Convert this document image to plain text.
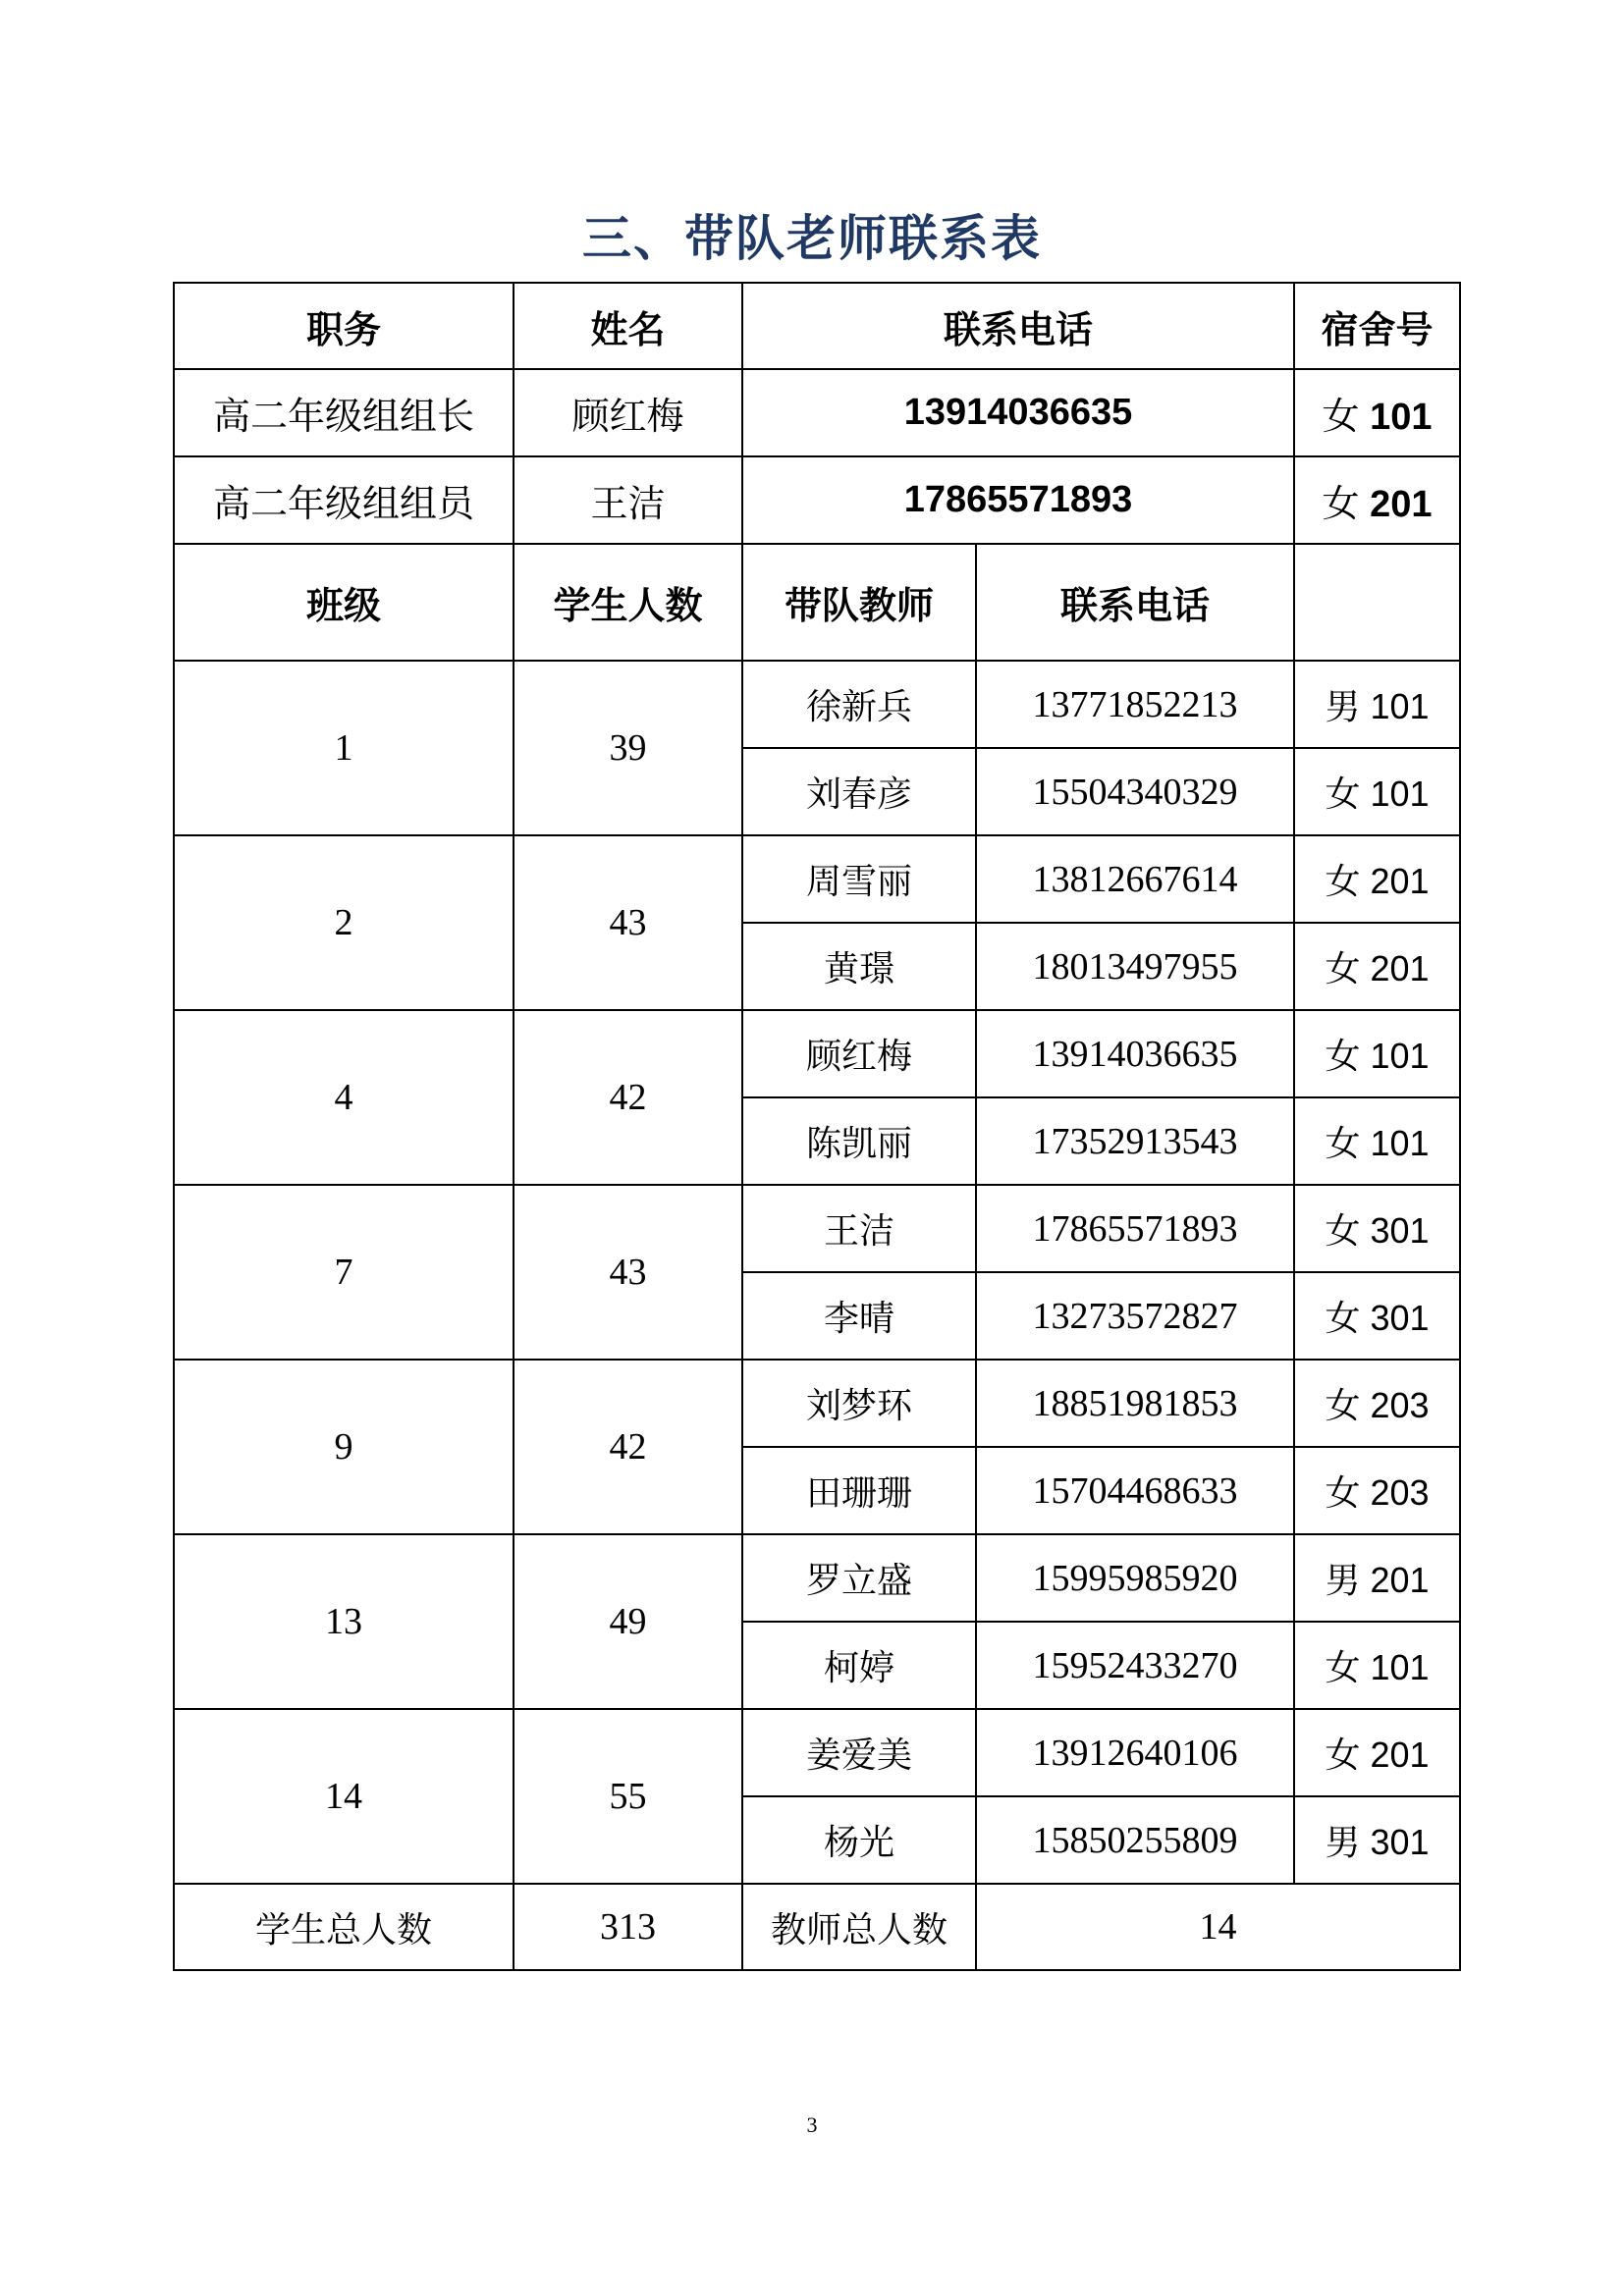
三、带队老师联系表
职务	姓名	联系电话		宿舍号
高二年级组组长	顾红梅	13914036635		女 101
高二年级组组员	王洁	17865571893		女 201
班级	学生人数	带队教师	联系电话	
1	39	徐新兵	13771852213	男 101
		刘春彦	15504340329	女 101
2	43	周雪丽	13812667614	女 201
		黄璟	18013497955	女 201
4	42	顾红梅	13914036635	女 101
		陈凯丽	17352913543	女 101
7	43	王洁	17865571893	女 301
		李晴	13273572827	女 301
9	42	刘梦环	18851981853	女 203
		田珊珊	15704468633	女 203
13	49	罗立盛	15995985920	男 201
		柯婷	15952433270	女 101
14	55	姜爱美	13912640106	女 201
		杨光	15850255809	男 301
学生总人数	313	教师总人数	14	
3
